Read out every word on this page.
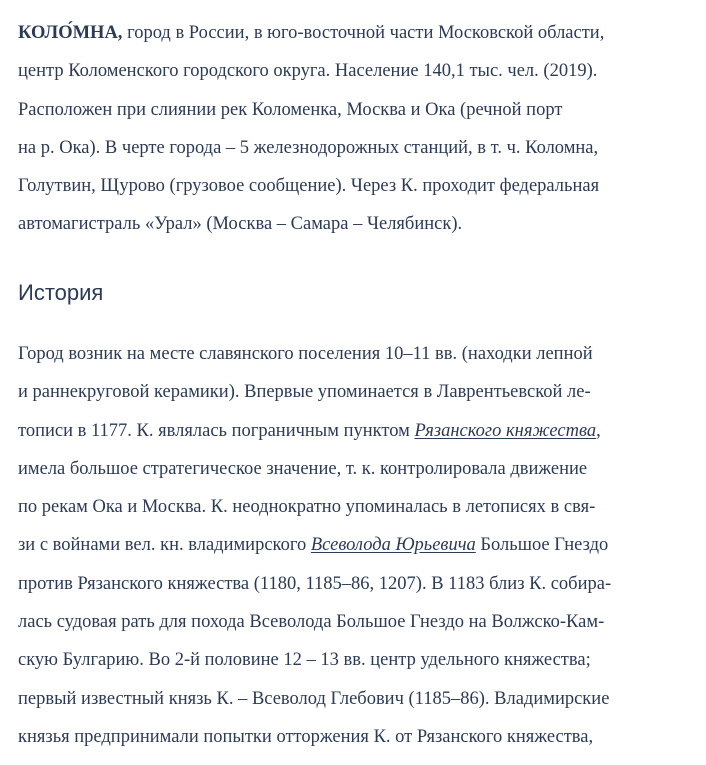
КОЛО́МНА, город в России, в юго-восточной части Московской области,
центр Коломенского городского округа. Население 140,1 тыс. чел. (2019).
Расположен при слиянии рек Коломенка, Москва и Ока (речной порт
на р. Ока). В черте города – 5 железнодорожных станций, в т. ч. Коломна,
Голутвин, Щурово (грузовое сообщение). Через К. проходит федеральная
автомагистраль «Урал» (Москва – Самара – Челябинск).

История

Город возник на месте славянского поселения 10–11 вв. (находки лепной
и раннекруговой керамики). Впервые упоминается в Лаврентьевской ле-
тописи в 1177. К. являлась пограничным пунктом Рязанского княжества,
имела большое стратегическое значение, т. к. контролировала движение
по рекам Ока и Москва. К. неоднократно упоминалась в летописях в свя-
зи с войнами вел. кн. владимирского Всеволода Юрьевича Большое Гнездо
против Рязанского княжества (1180, 1185–86, 1207). В 1183 близ К. собира-
лась судовая рать для похода Всеволода Большое Гнездо на Волжско-Кам-
скую Булгарию. Во 2-й половине 12 – 13 вв. центр удельного княжества;
первый известный князь К. – Всеволод Глебович (1185–86). Владимирские
князья предпринимали попытки отторжения К. от Рязанского княжества,
